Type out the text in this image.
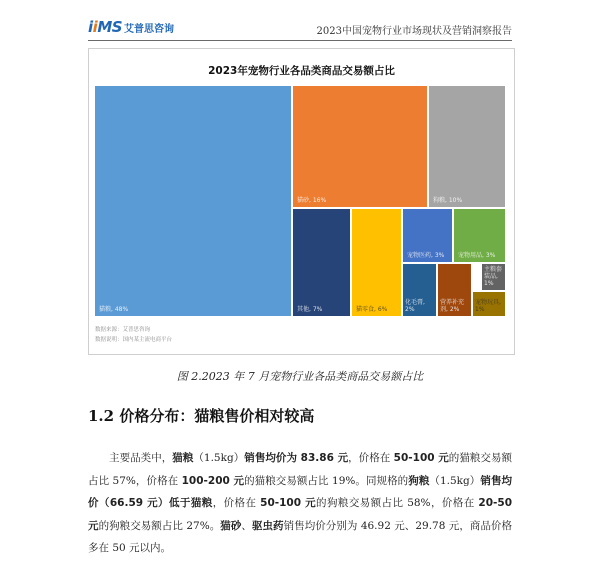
iiMS 艾普思咨询	2023中国宠物行业市场现状及营销洞察报告
2023年宠物行业各品类商品交易额占比
猫粮, 48%
猫砂, 16%	狗粮, 10%
其他, 7%	猫零食, 6%
宠物医药, 3% 宠物用品, 3%
主粮套装品, 1%
化毛膏, 2%
营养补充剂, 2%
宠物玩具, 1%
数据来源：艾普思咨询
数据说明：国内某主流电商平台
图 2.2023 年 7 月宠物行业各品类商品交易额占比
1.2 价格分布：猫粮售价相对较高
  主要品类中，猫粮（1.5kg）销售均价为 83.86 元，价格在 50-100 元的猫粮交易额占比 57%，价格在 100-200 元的猫粮交易额占比 19%。同规格的狗粮（1.5kg）销售均价（66.59 元）低于猫粮，价格在 50-100 元的狗粮交易额占比 58%，价格在 20-50 元的狗粮交易额占比 27%。猫砂、驱虫药销售均价分别为 46.92 元、29.78 元，商品价格多在 50 元以内。
